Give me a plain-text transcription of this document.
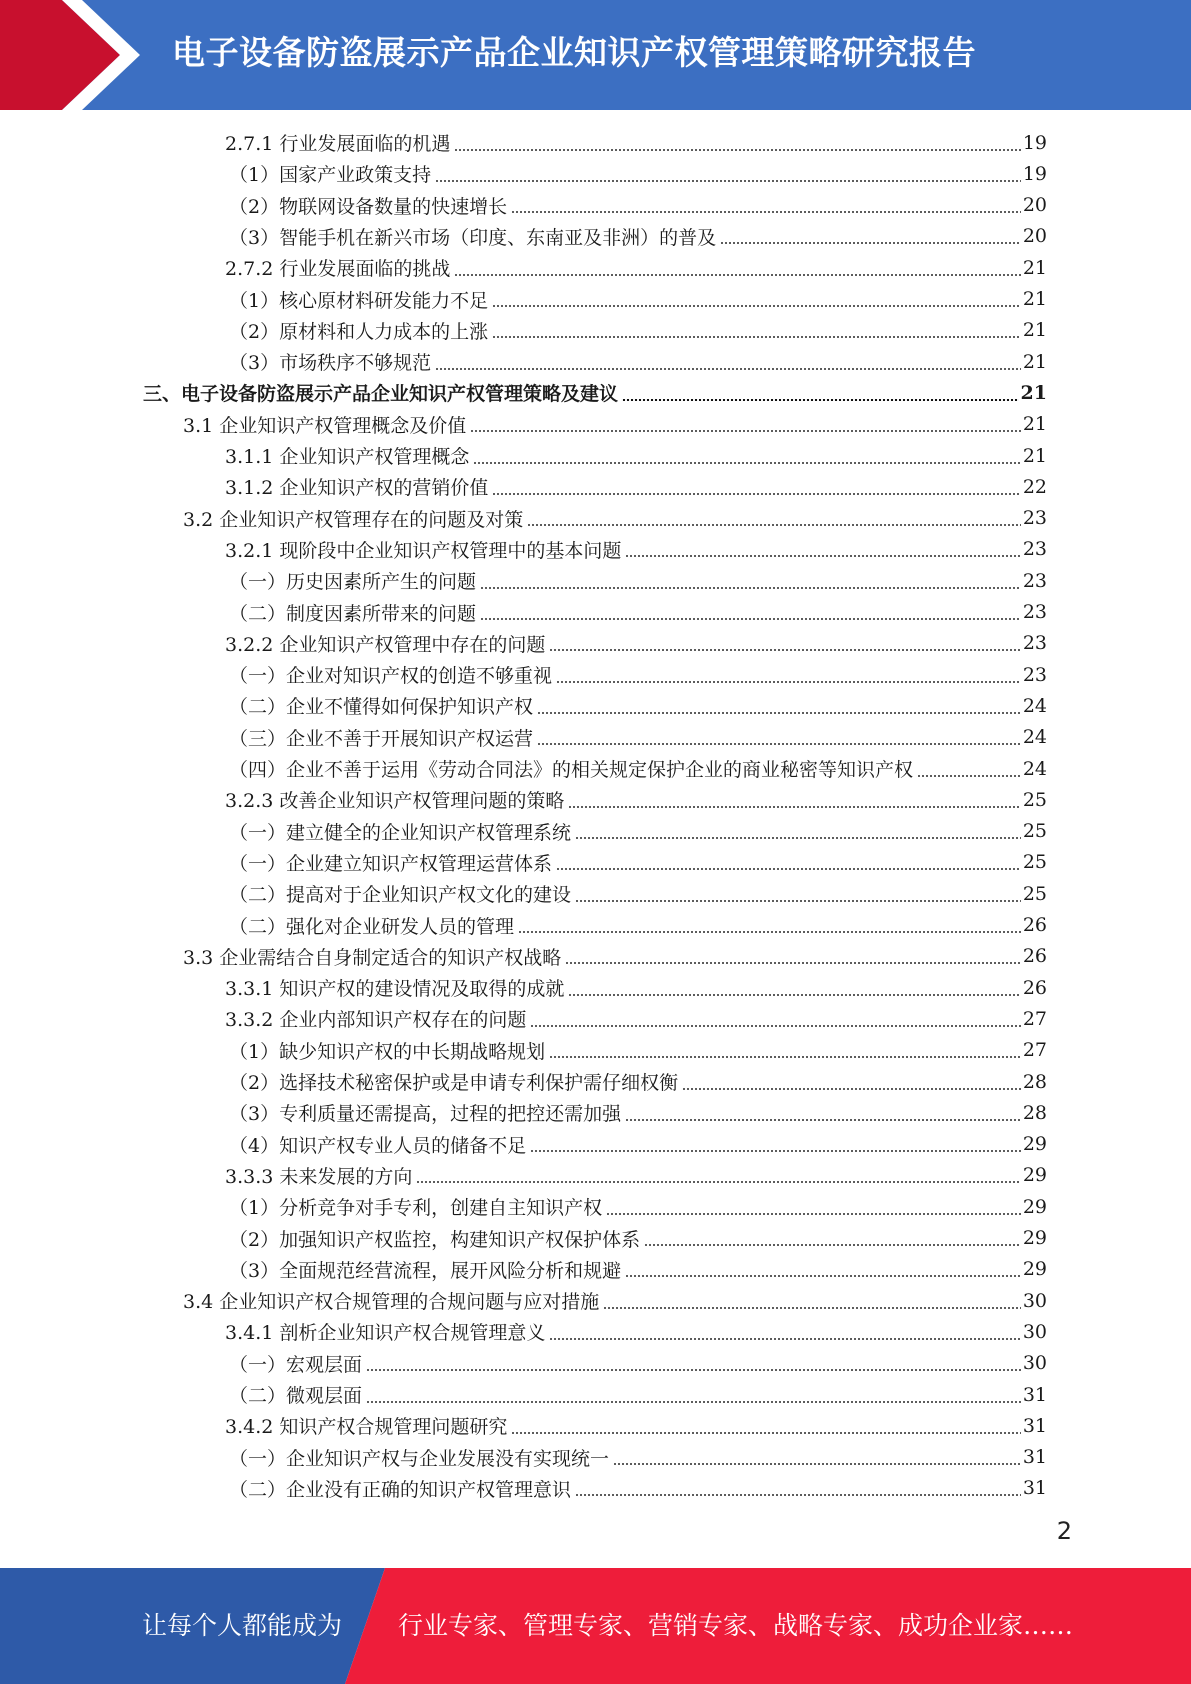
电子设备防盗展示产品企业知识产权管理策略研究报告
2.7.1 行业发展面临的机遇	19
（1）国家产业政策支持	19
（2）物联网设备数量的快速增长	20
（3）智能手机在新兴市场（印度、东南亚及非洲）的普及	20
2.7.2 行业发展面临的挑战	21
（1）核心原材料研发能力不足	21
（2）原材料和人力成本的上涨	21
（3）市场秩序不够规范	21
三、电子设备防盗展示产品企业知识产权管理策略及建议	21
3.1 企业知识产权管理概念及价值	21
3.1.1 企业知识产权管理概念	21
3.1.2 企业知识产权的营销价值	22
3.2 企业知识产权管理存在的问题及对策	23
3.2.1 现阶段中企业知识产权管理中的基本问题	23
（一）历史因素所产生的问题	23
（二）制度因素所带来的问题	23
3.2.2 企业知识产权管理中存在的问题	23
（一）企业对知识产权的创造不够重视	23
（二）企业不懂得如何保护知识产权	24
（三）企业不善于开展知识产权运营	24
（四）企业不善于运用《劳动合同法》的相关规定保护企业的商业秘密等知识产权	24
3.2.3 改善企业知识产权管理问题的策略	25
（一）建立健全的企业知识产权管理系统	25
（一）企业建立知识产权管理运营体系	25
（二）提高对于企业知识产权文化的建设	25
（二）强化对企业研发人员的管理	26
3.3 企业需结合自身制定适合的知识产权战略	26
3.3.1 知识产权的建设情况及取得的成就	26
3.3.2 企业内部知识产权存在的问题	27
（1）缺少知识产权的中长期战略规划	27
（2）选择技术秘密保护或是申请专利保护需仔细权衡	28
（3）专利质量还需提高，过程的把控还需加强	28
（4）知识产权专业人员的储备不足	29
3.3.3 未来发展的方向	29
（1）分析竞争对手专利，创建自主知识产权	29
（2）加强知识产权监控，构建知识产权保护体系	29
（3）全面规范经营流程，展开风险分析和规避	29
3.4 企业知识产权合规管理的合规问题与应对措施	30
3.4.1 剖析企业知识产权合规管理意义	30
（一）宏观层面	30
（二）微观层面	31
3.4.2 知识产权合规管理问题研究	31
（一）企业知识产权与企业发展没有实现统一	31
（二）企业没有正确的知识产权管理意识	31
2
让每个人都能成为 行业专家、管理专家、营销专家、战略专家、成功企业家……
